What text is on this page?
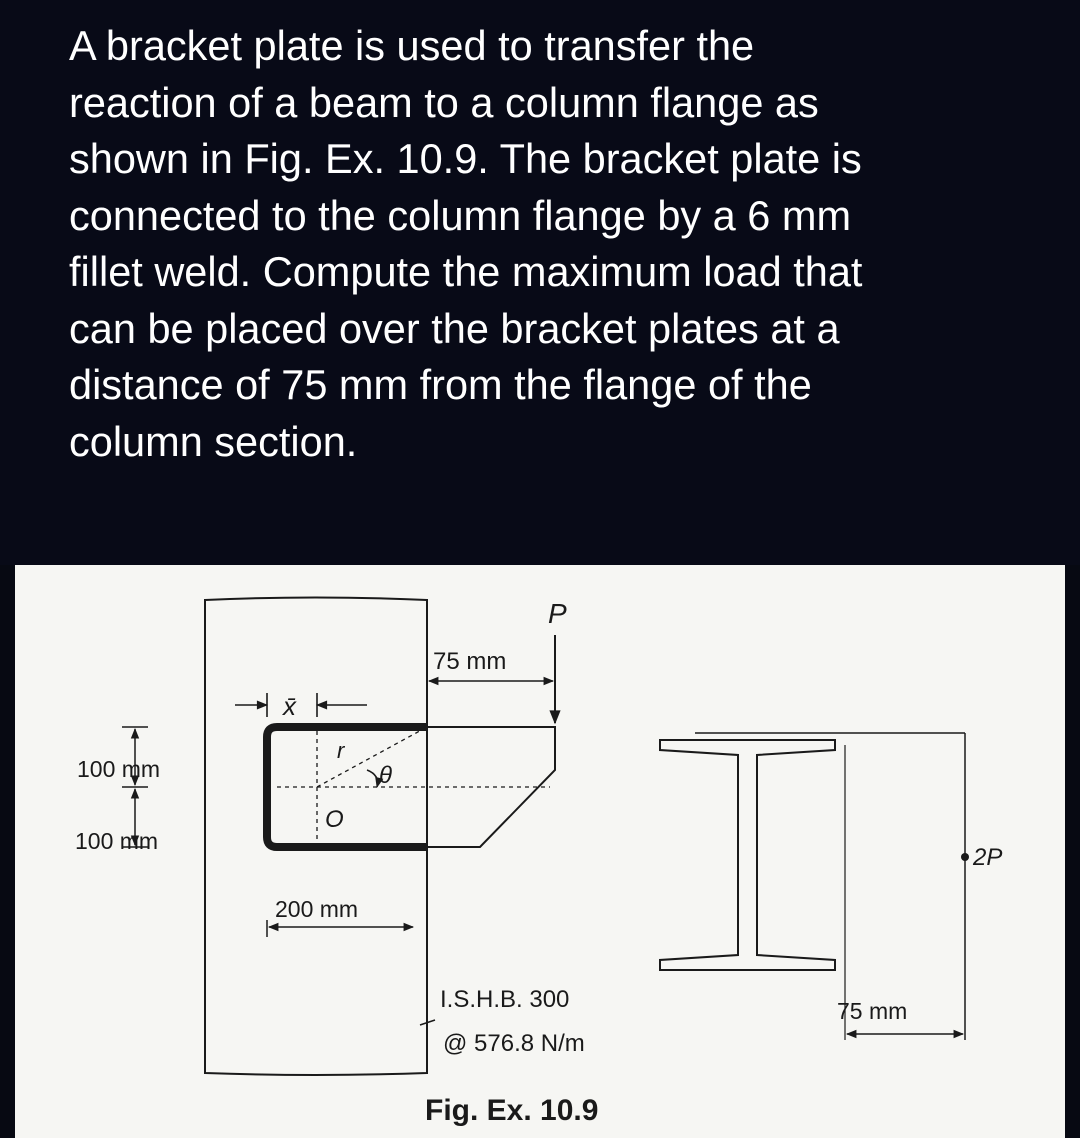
A bracket plate is used to transfer the
reaction of a beam to a column flange as
shown in Fig. Ex. 10.9. The bracket plate is
connected to the column flange by a 6 mm
fillet weld. Compute the maximum load that
can be placed over the bracket plates at a
distance of 75 mm from the flange of the
column section.
r
θ
O
x̄
P
75 mm
100 mm
100 mm
200 mm
2P
75 mm
I.S.H.B. 300
@ 576.8 N/m
Fig. Ex. 10.9
